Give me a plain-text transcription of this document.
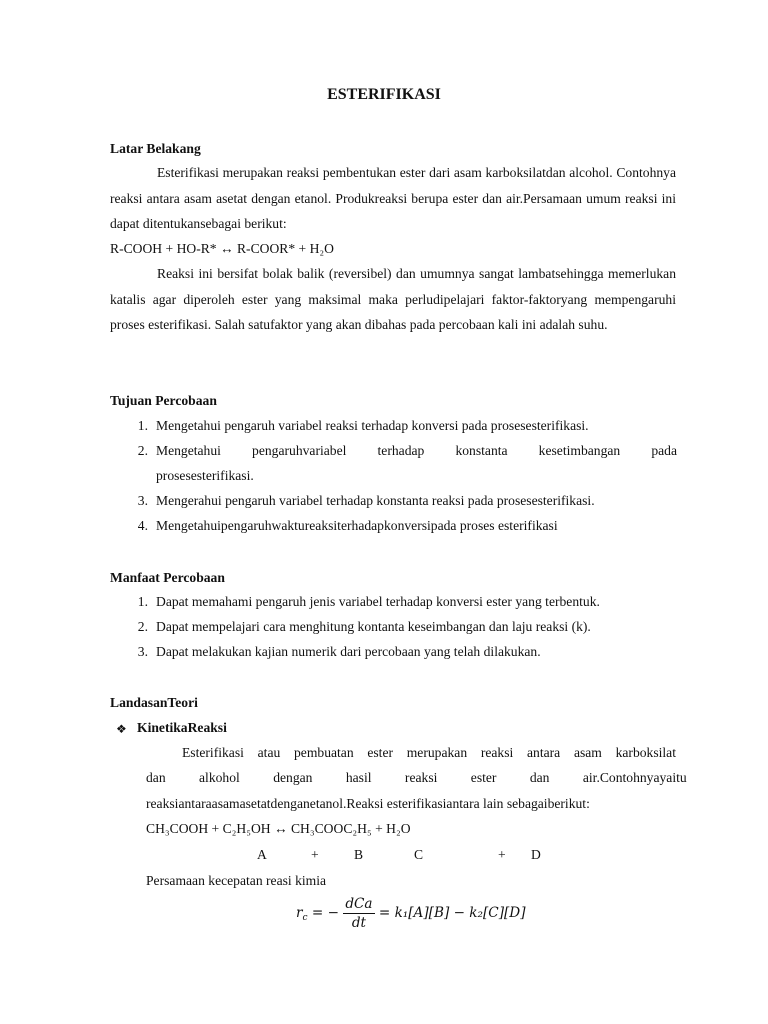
ESTERIFIKASI
Latar Belakang

Esterifikasi merupakan reaksi pembentukan ester dari asam karboksilatdan alcohol. Contohnya reaksi antara asam asetat dengan etanol. Produkreaksi berupa ester dan air.Persamaan umum reaksi ini dapat ditentukansebagai berikut:

R-COOH + HO-R* ↔ R-COOR* + H₂O

Reaksi ini bersifat bolak balik (reversibel) dan umumnya sangat lambatsehingga memerlukan katalis agar diperoleh ester yang maksimal maka perludipelajari faktor-faktoryang mempengaruhi proses esterifikasi. Salah satufaktor yang akan dibahas pada percobaan kali ini adalah suhu.

Tujuan Percobaan
1. Mengetahui pengaruh variabel reaksi terhadap konversi pada prosesesterifikasi.
2. Mengetahui pengaruhvariabel terhadap konstanta kesetimbangan pada
prosesesterifikasi.
3. Mengerahui pengaruh variabel terhadap konstanta reaksi pada prosesesterifikasi.
4. Mengetahuipengaruhwaktureaksiterhadapkonversipada proses esterifikasi
Manfaat Percobaan
1. Dapat memahami pengaruh jenis variabel terhadap konversi ester yang terbentuk.
2. Dapat mempelajari cara menghitung kontanta keseimbangan dan laju reaksi (k).
3. Dapat melakukan kajian numerik dari percobaan yang telah dilakukan.
LandasanTeori
❖ KinetikaReaksi
Esterifikasi atau pembuatan ester merupakan reaksi antara asam karboksilat
dan alkohol dengan hasil reaksi ester dan air.Contohnyayaitu
reaksiantaraasamasetatdenganetanol.Reaksi esterifikasiantara lain sebagaiberikut:
CH₃COOH + C₂H₅OH ↔ CH₃COOC₂H₅ + H₂O
A	+	B	C	+ D
Persamaan kecepatan reasi kimia
$r_c$ = − $\frac{\text{dCa}}{dt} = k_1[A][B] - k_2[C][D]$
